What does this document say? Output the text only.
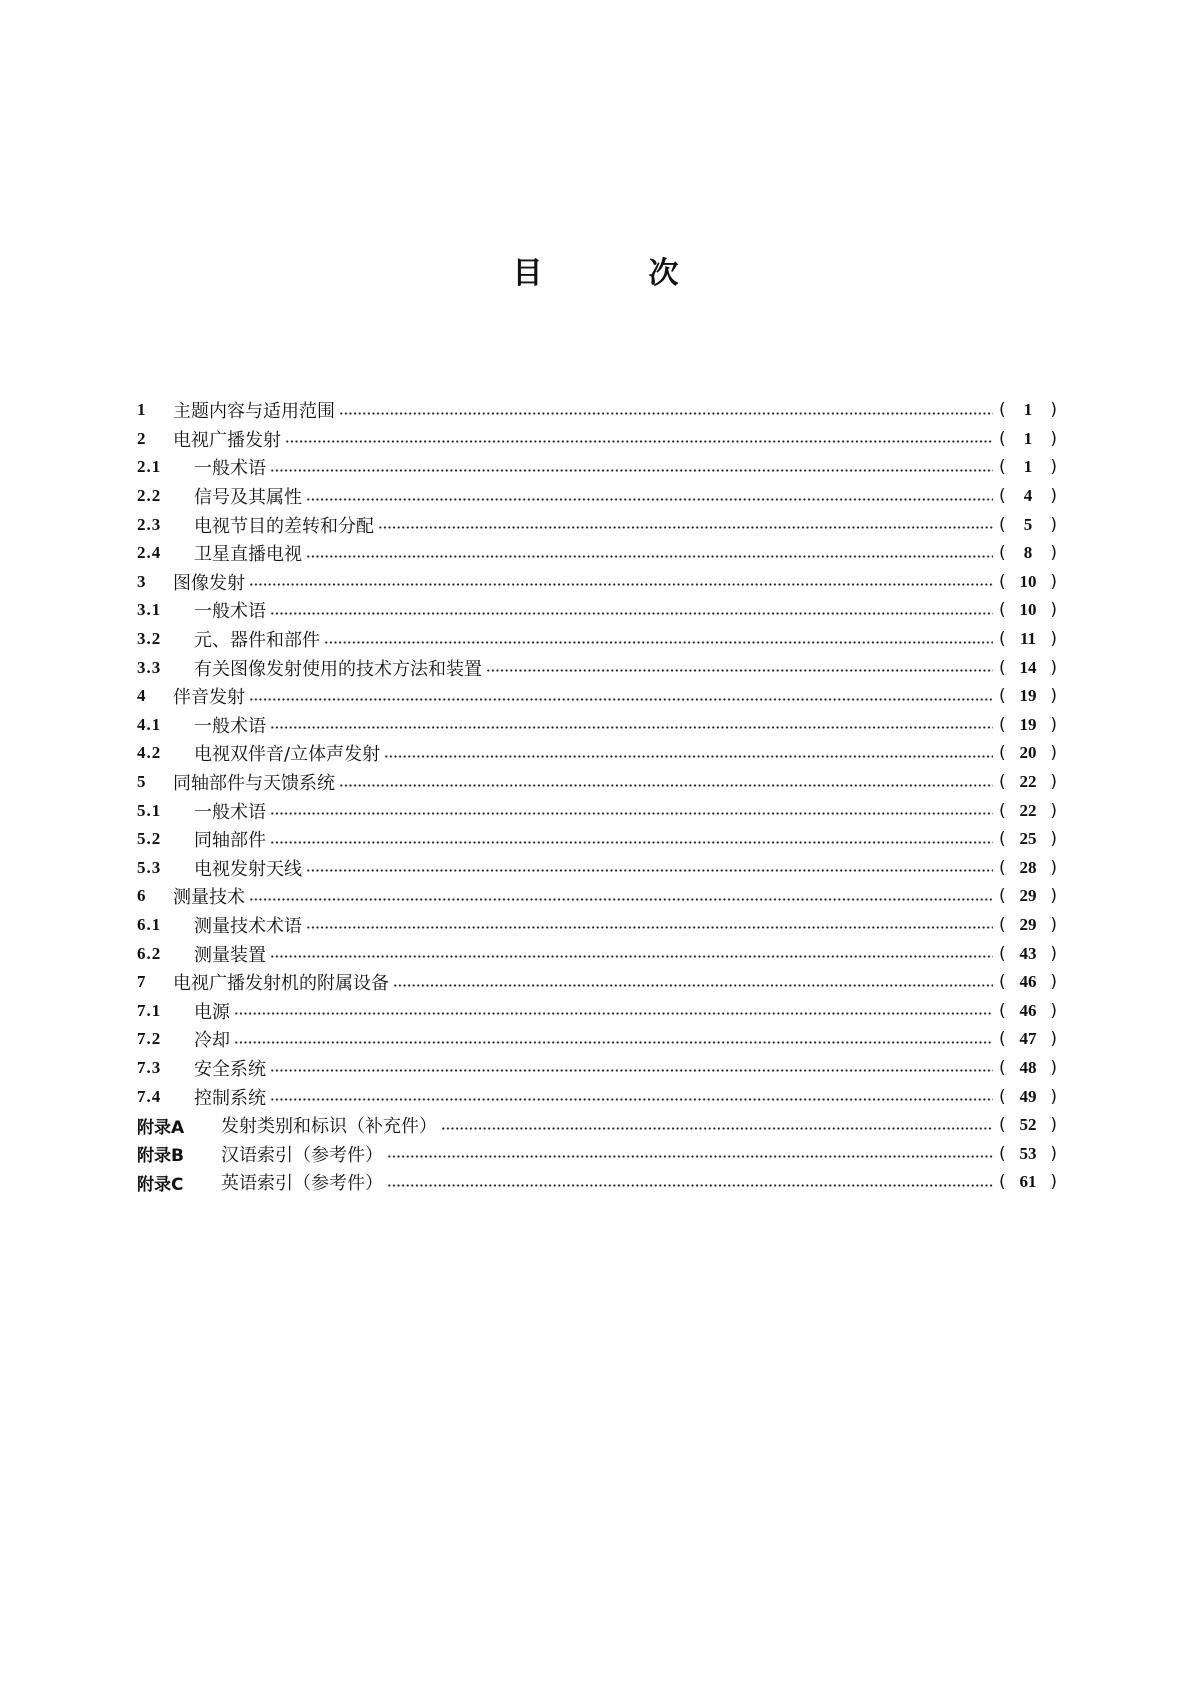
目	次
1	主题内容与适用范围	(	1	)
2	电视广播发射	(	1	)
2.1	一般术语	(	1	)
2.2	信号及其属性	(	4	)
2.3	电视节目的差转和分配	(	5	)
2.4	卫星直播电视	(	8	)
3	图像发射	( 10 )
3.1	一般术语	( 10 )
3.2	元、器件和部件	( 11 )
3.3	有关图像发射使用的技术方法和装置	( 14 )
4	伴音发射	( 19 )
4.1	一般术语	( 19 )
4.2	电视双伴音/立体声发射	( 20 )
5	同轴部件与天馈系统	( 22 )
5.1	一般术语	( 22 )
5.2	同轴部件	( 25 )
5.3	电视发射天线	( 28 )
6	测量技术	( 29 )
6.1	测量技术术语	( 29 )
6.2	测量装置	( 43 )
7	电视广播发射机的附属设备	( 46 )
7.1	电源	( 46 )
7.2	冷却	( 47 )
7.3	安全系统	( 48 )
7.4	控制系统	( 49 )
附录A	发射类别和标识（补充件）	( 52 )
附录B	汉语索引（参考件）	( 53 )
附录C	英语索引（参考件）	( 61 )
